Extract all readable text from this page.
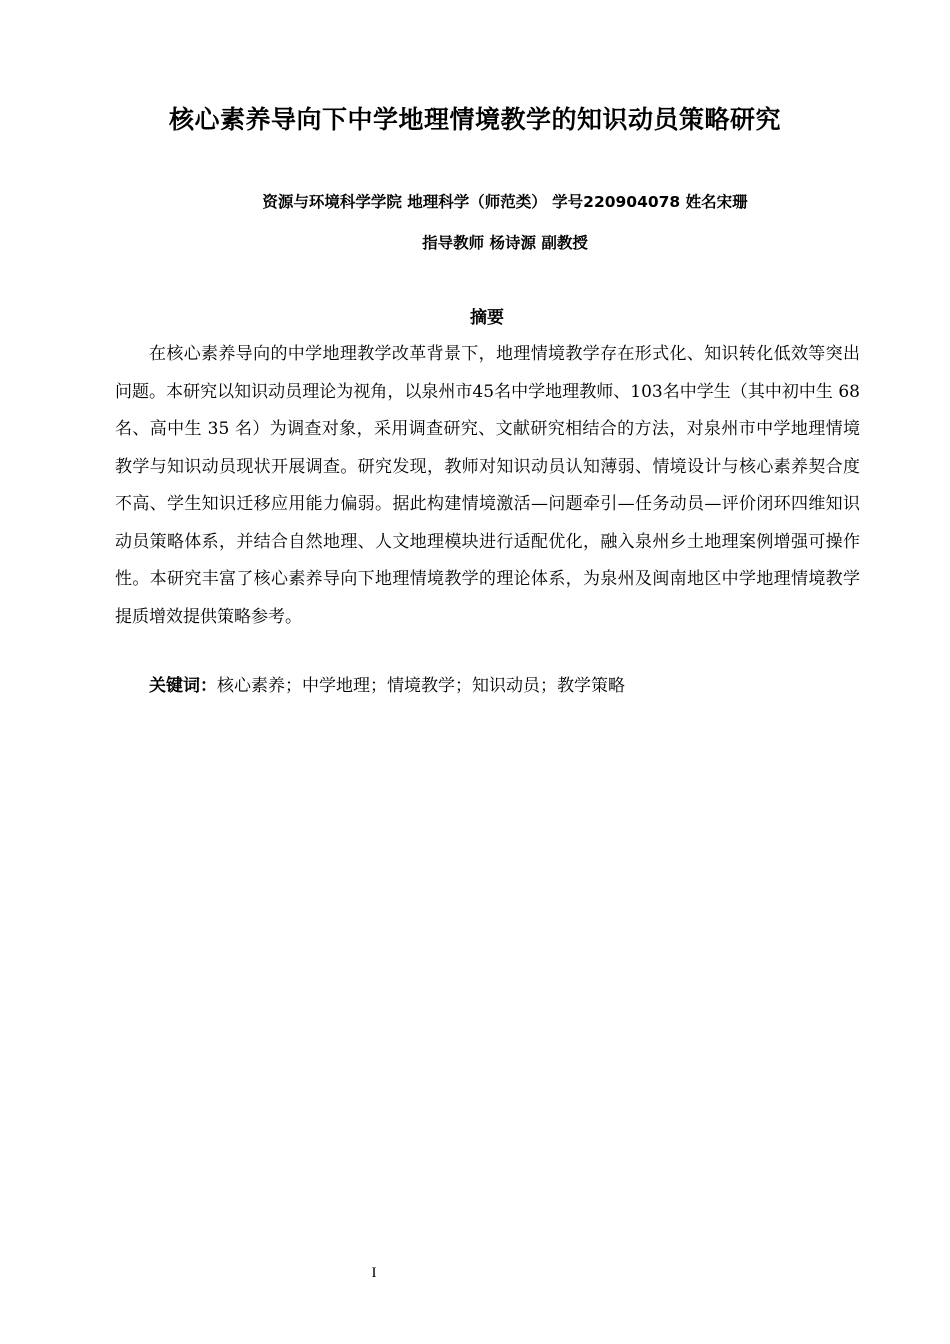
核心素养导向下中学地理情境教学的知识动员策略研究
资源与环境科学学院 地理科学（师范类） 学号220904078 姓名宋珊
指导教师 杨诗源 副教授
摘要

在核心素养导向的中学地理教学改革背景下，地理情境教学存在形式化、知识转化低效等突出问题。本研究以知识动员理论为视角，以泉州市45名中学地理教师、103名中学生（其中初中生 68 名、高中生 35 名）为调查对象，采用调查研究、文献研究相结合的方法，对泉州市中学地理情境教学与知识动员现状开展调查。研究发现，教师对知识动员认知薄弱、情境设计与核心素养契合度不高、学生知识迁移应用能力偏弱。据此构建情境激活—问题牵引—任务动员—评价闭环四维知识动员策略体系，并结合自然地理、人文地理模块进行适配优化，融入泉州乡土地理案例增强可操作性。本研究丰富了核心素养导向下地理情境教学的理论体系，为泉州及闽南地区中学地理情境教学提质增效提供策略参考。

关键词：核心素养；中学地理；情境教学；知识动员；教学策略
I
